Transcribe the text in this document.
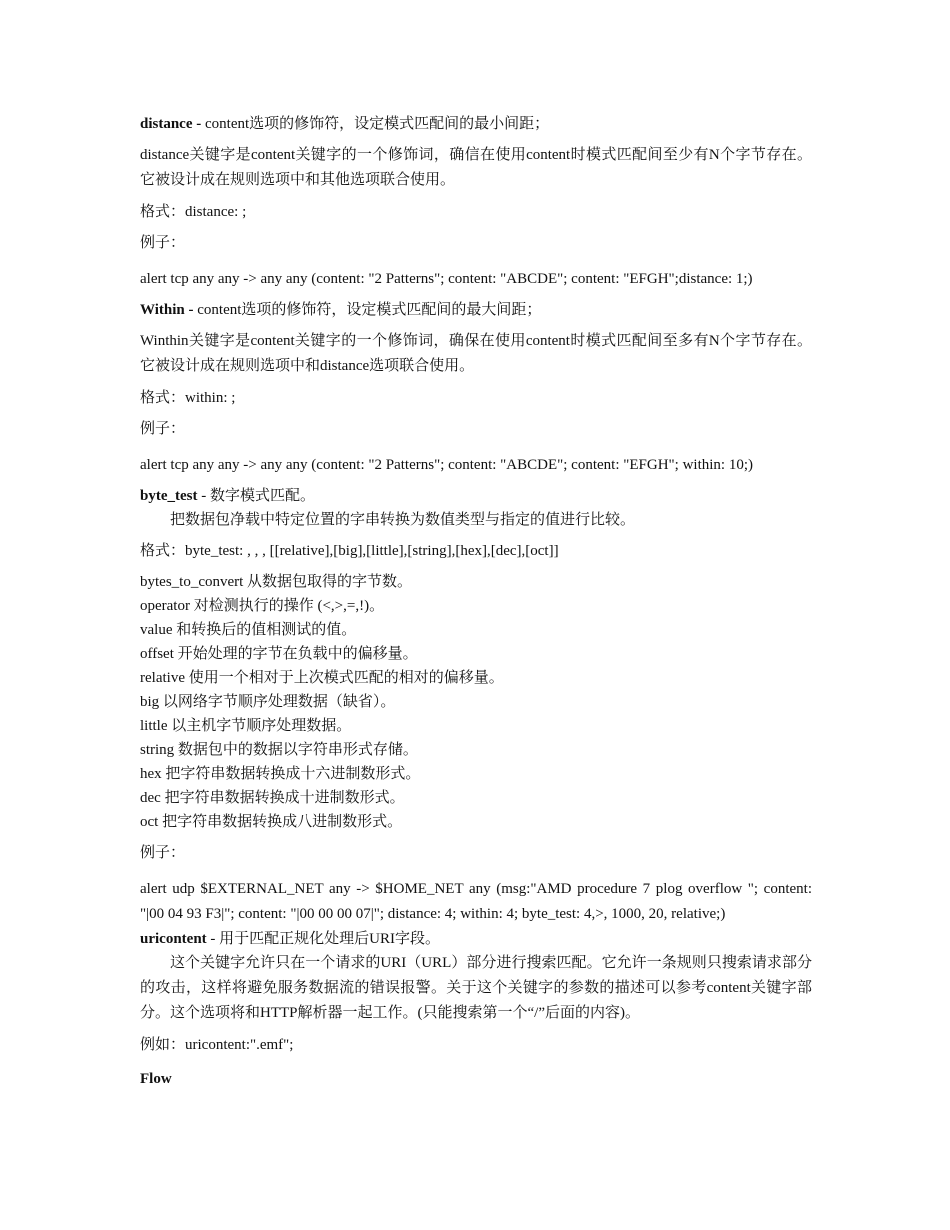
distance - content选项的修饰符，设定模式匹配间的最小间距；

distance关键字是content关键字的一个修饰词，确信在使用content时模式匹配间至少有N个字节存在。它被设计成在规则选项中和其他选项联合使用。

格式：distance: ;

例子：

alert tcp any any -> any any (content: "2 Patterns"; content: "ABCDE"; content: "EFGH";distance: 1;)

Within - content选项的修饰符，设定模式匹配间的最大间距；

Winthin关键字是content关键字的一个修饰词，确保在使用content时模式匹配间至多有N个字节存在。它被设计成在规则选项中和distance选项联合使用。

格式：within: ;

例子：

alert tcp any any -> any any (content: "2 Patterns"; content: "ABCDE"; content: "EFGH"; within: 10;)

byte_test - 数字模式匹配。

把数据包净载中特定位置的字串转换为数值类型与指定的值进行比较。

格式：byte_test: , , , [[relative],[big],[little],[string],[hex],[dec],[oct]]

bytes_to_convert 从数据包取得的字节数。
operator 对检测执行的操作 (<,>,=,!)。
value 和转换后的值相测试的值。
offset 开始处理的字节在负载中的偏移量。
relative 使用一个相对于上次模式匹配的相对的偏移量。
big 以网络字节顺序处理数据（缺省）。
little 以主机字节顺序处理数据。
string 数据包中的数据以字符串形式存储。
hex 把字符串数据转换成十六进制数形式。
dec 把字符串数据转换成十进制数形式。
oct 把字符串数据转换成八进制数形式。

例子：

alert udp $EXTERNAL_NET any -> $HOME_NET any (msg:"AMD procedure 7 plog overflow "; content: "|00 04 93 F3|"; content: "|00 00 00 07|"; distance: 4; within: 4; byte_test: 4,>, 1000, 20, relative;)

uricontent - 用于匹配正规化处理后URI字段。

这个关键字允许只在一个请求的URI（URL）部分进行搜索匹配。它允许一条规则只搜索请求部分的攻击，这样将避免服务数据流的错误报警。关于这个关键字的参数的描述可以参考content关键字部分。这个选项将和HTTP解析器一起工作。(只能搜索第一个“/”后面的内容)。

例如：uricontent:".emf";

Flow
